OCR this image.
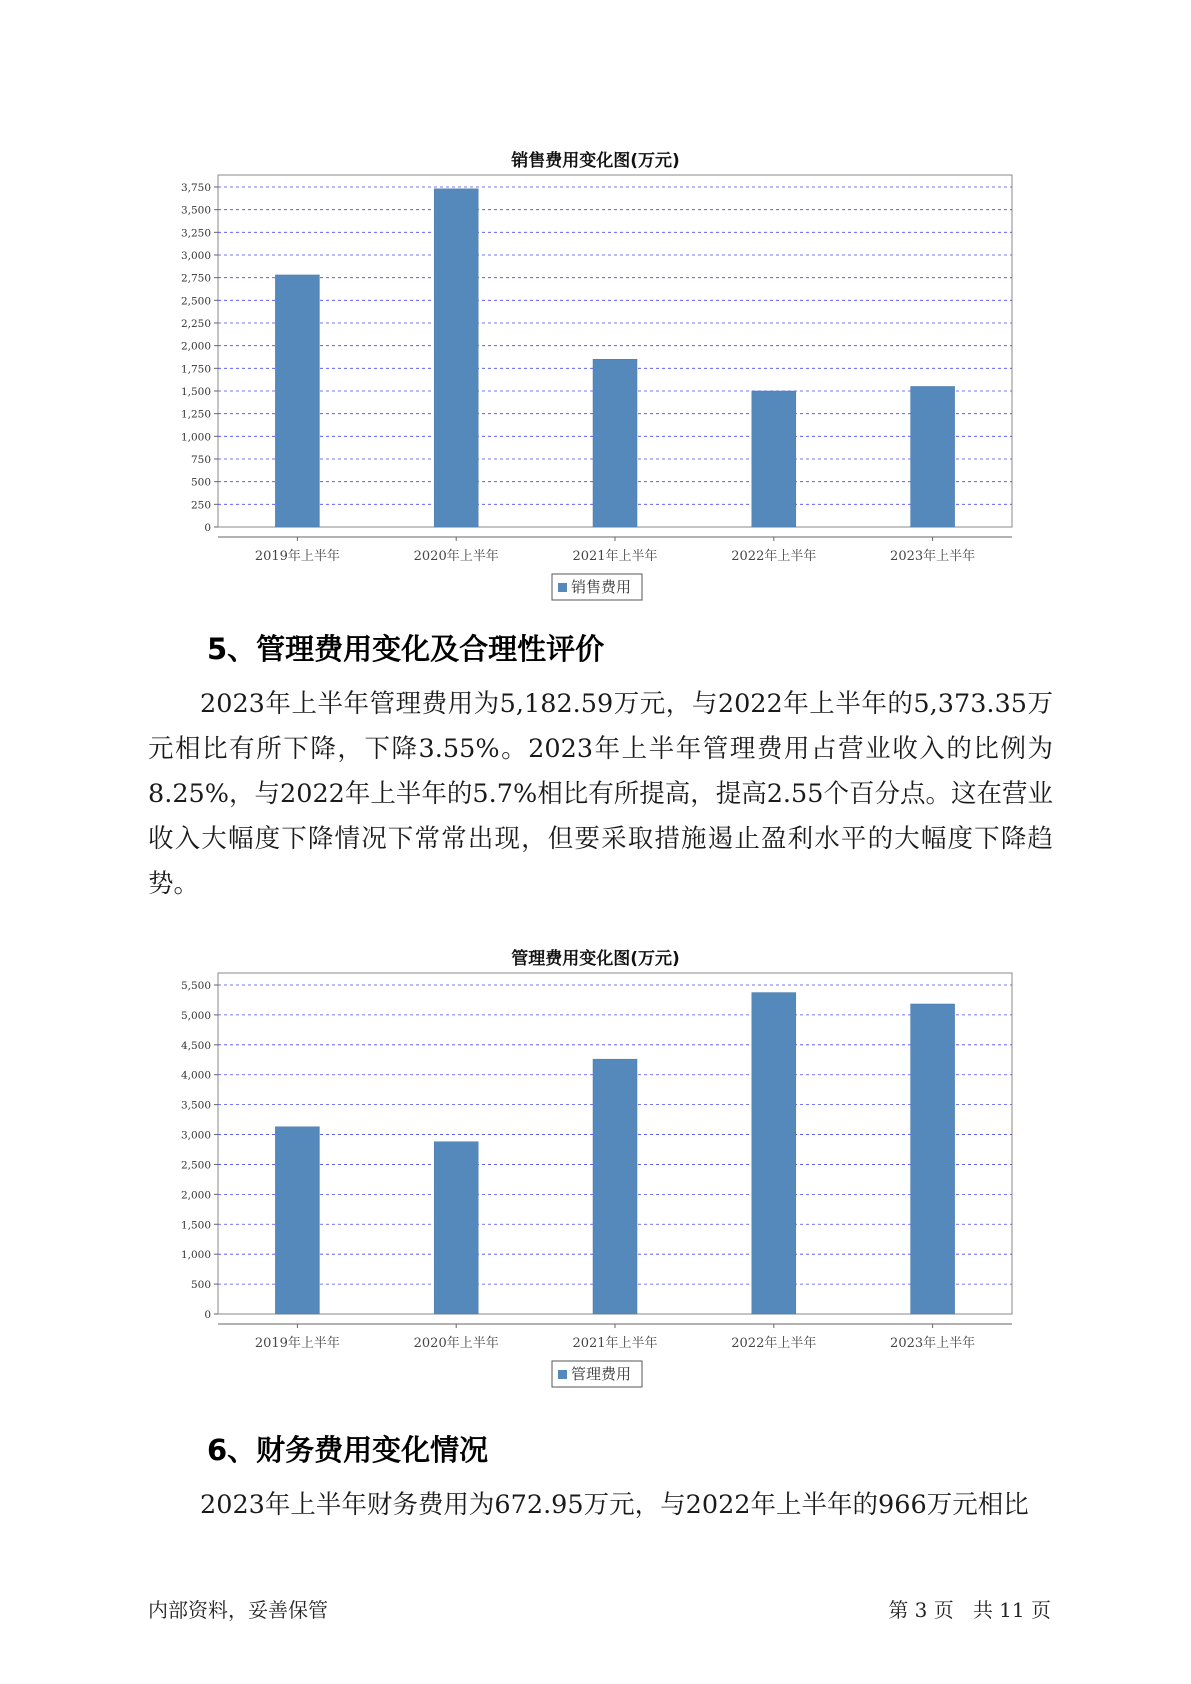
销售费用变化图(万元)
0
250
500
750
1,000
1,250
1,500
1,750
2,000
2,250
2,500
2,750
3,000
3,250
3,500
3,750
2019年上半年	2020年上半年	2021年上半年	2022年上半年	2023年上半年
销售费用
5、管理费用变化及合理性评价

2023年上半年管理费用为5,182.59万元，与2022年上半年的5,373.35万元相比有所下降，下降3.55%。2023年上半年管理费用占营业收入的比例为8.25%，与2022年上半年的5.7%相比有所提高，提高2.55个百分点。这在营业收入大幅度下降情况下常常出现，但要采取措施遏止盈利水平的大幅度下降趋势。

管理费用变化图(万元)
0
500
1,000
1,500
2,000
2,500
3,000
3,500
4,000
4,500
5,000
5,500
2019年上半年	2020年上半年	2021年上半年	2022年上半年	2023年上半年
管理费用
6、财务费用变化情况

2023年上半年财务费用为672.95万元，与2022年上半年的966万元相比

内部资料，妥善保管	第 3 页   共 11 页
